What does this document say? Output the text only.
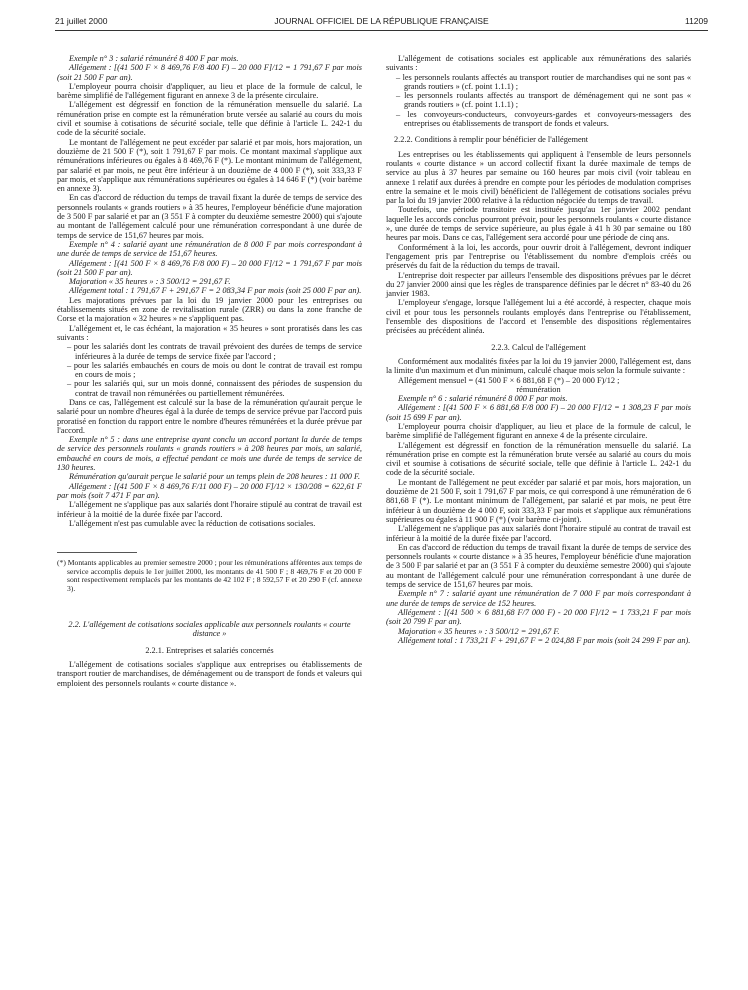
21 juillet 2000	JOURNAL OFFICIEL DE LA RÉPUBLIQUE FRANÇAISE	11209

Exemple n° 3 : salarié rémunéré 8 400 F par mois.

Allégement : [(41 500 F × 8 469,76 F/8 400 F) – 20 000 F]/12 = 1 791,67 F par mois (soit 21 500 F par an).

L'employeur pourra choisir d'appliquer, au lieu et place de la formule de calcul, le barème simplifié de l'allégement figurant en annexe 3 de la présente circulaire.

L'allégement est dégressif en fonction de la rémunération mensuelle du salarié. La rémunération prise en compte est la rémunération brute versée au salarié au cours du mois civil et soumise à cotisations de sécurité sociale, telle que définie à l'article L. 242-1 du code de la sécurité sociale.

Le montant de l'allégement ne peut excéder par salarié et par mois, hors majoration, un douzième de 21 500 F (*), soit 1 791,67 F par mois. Ce montant maximal s'applique aux rémunérations inférieures ou égales à 8 469,76 F (*). Le montant minimum de l'allégement, par salarié et par mois, ne peut être inférieur à un douzième de 4 000 F (*), soit 333,33 F par mois, et s'applique aux rémunérations supérieures ou égales à 14 646 F (*) (voir barème en annexe 3).

En cas d'accord de réduction du temps de travail fixant la durée de temps de service des personnels roulants « grands routiers » à 35 heures, l'employeur bénéficie d'une majoration de 3 500 F par salarié et par an (3 551 F à compter du deuxième semestre 2000) qui s'ajoute au montant de l'allégement calculé pour une rémunération correspondant à une durée de temps de service de 151,67 heures par mois.

Exemple n° 4 : salarié ayant une rémunération de 8 000 F par mois correspondant à une durée de temps de service de 151,67 heures.

Allégement : [(41 500 F × 8 469,76 F/8 000 F) – 20 000 F]/12 = 1 791,67 F par mois (soit 21 500 F par an).

Majoration « 35 heures » : 3 500/12 = 291,67 F.

Allégement total : 1 791,67 F + 291,67 F = 2 083,34 F par mois (soit 25 000 F par an).

Les majorations prévues par la loi du 19 janvier 2000 pour les entreprises ou établissements situés en zone de revitalisation rurale (ZRR) ou dans la zone franche de Corse et la majoration « 32 heures » ne s'appliquent pas.

L'allégement et, le cas échéant, la majoration « 35 heures » sont proratisés dans les cas suivants :

– pour les salariés dont les contrats de travail prévoient des durées de temps de service inférieures à la durée de temps de service fixée par l'accord ;
– pour les salariés embauchés en cours de mois ou dont le contrat de travail est rompu en cours de mois ;
– pour les salariés qui, sur un mois donné, connaissent des périodes de suspension du contrat de travail non rémunérées ou partiellement rémunérées.

Dans ce cas, l'allégement est calculé sur la base de la rémunération qu'aurait perçue le salarié pour un nombre d'heures égal à la durée de temps de service prévue par l'accord puis proratisé en fonction du rapport entre le nombre d'heures rémunérées et la durée prévue par l'accord.

Exemple n° 5 : dans une entreprise ayant conclu un accord portant la durée de temps de service des personnels roulants « grands routiers » à 208 heures par mois, un salarié, embauché en cours de mois, a effectué pendant ce mois une durée de temps de service de 130 heures.

Rémunération qu'aurait perçue le salarié pour un temps plein de 208 heures : 11 000 F.

Allégement : [(41 500 F × 8 469,76 F/11 000 F) – 20 000 F]/12 × 130/208 = 622,61 F par mois (soit 7 471 F par an).

L'allégement ne s'applique pas aux salariés dont l'horaire stipulé au contrat de travail est inférieur à la moitié de la durée fixée par l'accord.

L'allégement n'est pas cumulable avec la réduction de cotisations sociales.

(*) Montants applicables au premier semestre 2000 ; pour les rémunérations afférentes aux temps de service accomplis depuis le 1er juillet 2000, les montants de 41 500 F ; 8 469,76 F et 20 000 F sont respectivement remplacés par les montants de 42 102 F ; 8 592,57 F et 20 290 F (cf. annexe 3).

2.2. L'allégement de cotisations sociales applicable aux personnels roulants « courte distance »

2.2.1. Entreprises et salariés concernés

L'allégement de cotisations sociales s'applique aux entreprises ou établissements de transport routier de marchandises, de déménagement ou de transport de fonds et valeurs qui emploient des personnels roulants « courte distance ».

L'allégement de cotisations sociales est applicable aux rémunérations des salariés suivants :

– les personnels roulants affectés au transport routier de marchandises qui ne sont pas « grands routiers » (cf. point 1.1.1) ;
– les personnels roulants affectés au transport de déménagement qui ne sont pas « grands routiers » (cf. point 1.1.1) ;
– les convoyeurs-conducteurs, convoyeurs-gardes et convoyeurs-messagers des entreprises ou établissements de transport de fonds et valeurs.

2.2.2. Conditions à remplir pour bénéficier de l'allégement

Les entreprises ou les établissements qui appliquent à l'ensemble de leurs personnels roulants « courte distance » un accord collectif fixant la durée maximale de temps de service au plus à 37 heures par semaine ou 160 heures par mois civil (voir tableau en annexe 1 relatif aux durées à prendre en compte pour les périodes de modulation comprises entre la semaine et le mois civil) bénéficient de l'allégement de cotisations sociales prévu par la loi du 19 janvier 2000 relative à la réduction négociée du temps de travail.

Toutefois, une période transitoire est instituée jusqu'au 1er janvier 2002 pendant laquelle les accords conclus pourront prévoir, pour les personnels roulants « courte distance », une durée de temps de service supérieure, au plus égale à 41 h 30 par semaine ou 180 heures par mois. Dans ce cas, l'allégement sera accordé pour une période de cinq ans.

Conformément à la loi, les accords, pour ouvrir droit à l'allégement, devront indiquer l'engagement pris par l'entreprise ou l'établissement du nombre d'emplois créés ou préservés du fait de la réduction du temps de travail.

L'entreprise doit respecter par ailleurs l'ensemble des dispositions prévues par le décret du 27 janvier 2000 ainsi que les règles de transparence définies par le décret n° 83-40 du 26 janvier 1983.

L'employeur s'engage, lorsque l'allégement lui a été accordé, à respecter, chaque mois civil et pour tous les personnels roulants employés dans l'entreprise ou l'établissement, l'ensemble des dispositions de l'accord et l'ensemble des dispositions réglementaires précisées au précédent alinéa.

2.2.3. Calcul de l'allégement

Conformément aux modalités fixées par la loi du 19 janvier 2000, l'allégement est, dans la limite d'un maximum et d'un minimum, calculé chaque mois selon la formule suivante :

Allégement mensuel = (41 500 F × 6 881,68 F (*) – 20 000 F)/12 ;

rémunération

Exemple n° 6 : salarié rémunéré 8 000 F par mois.

Allégement : [(41 500 F × 6 881,68 F/8 000 F) – 20 000 F]/12 = 1 308,23 F par mois (soit 15 699 F par an).

L'employeur pourra choisir d'appliquer, au lieu et place de la formule de calcul, le barème simplifié de l'allégement figurant en annexe 4 de la présente circulaire.

L'allégement est dégressif en fonction de la rémunération mensuelle du salarié. La rémunération prise en compte est la rémunération brute versée au salarié au cours du mois civil et soumise à cotisations de sécurité sociale, telle que définie à l'article L. 242-1 du code de la sécurité sociale.

Le montant de l'allégement ne peut excéder par salarié et par mois, hors majoration, un douzième de 21 500 F, soit 1 791,67 F par mois, ce qui correspond à une rémunération de 6 881,68 F (*). Le montant minimum de l'allégement, par salarié et par mois, ne peut être inférieur à un douzième de 4 000 F, soit 333,33 F par mois et s'applique aux rémunérations supérieures ou égales à 11 900 F (*) (voir barème ci-joint).

L'allégement ne s'applique pas aux salariés dont l'horaire stipulé au contrat de travail est inférieur à la moitié de la durée fixée par l'accord.

En cas d'accord de réduction du temps de travail fixant la durée de temps de service des personnels roulants « courte distance » à 35 heures, l'employeur bénéficie d'une majoration de 3 500 F par salarié et par an (3 551 F à compter du deuxième semestre 2000) qui s'ajoute au montant de l'allégement calculé pour une rémunération correspondant à une durée de temps de service de 151,67 heures par mois.

Exemple n° 7 : salarié ayant une rémunération de 7 000 F par mois correspondant à une durée de temps de service de 152 heures.

Allégement : [(41 500 × 6 881,68 F/7 000 F) - 20 000 F]/12 = 1 733,21 F par mois (soit 20 799 F par an).

Majoration « 35 heures » : 3 500/12 = 291,67 F.

Allégement total : 1 733,21 F + 291,67 F = 2 024,88 F par mois (soit 24 299 F par an).
